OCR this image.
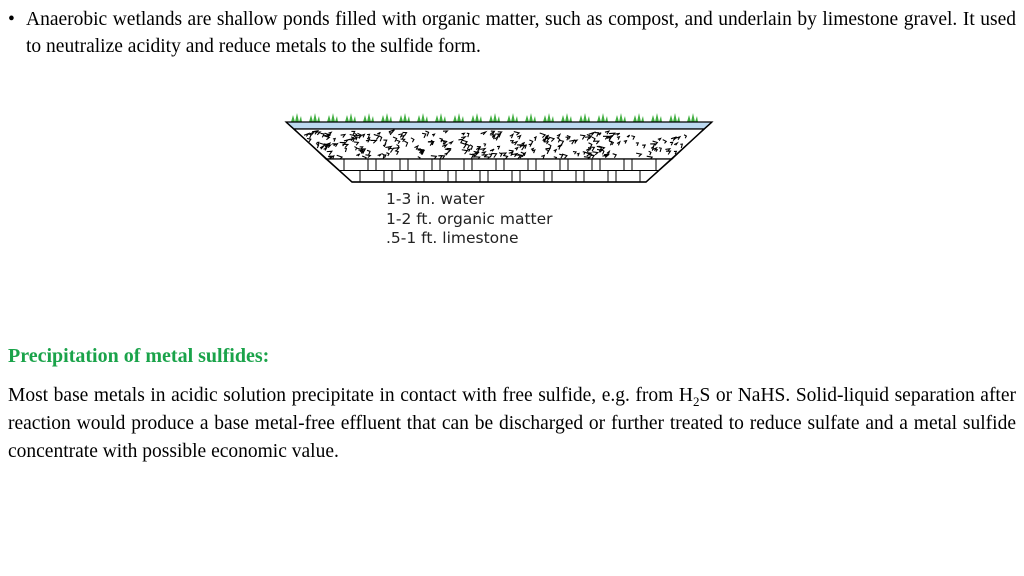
• Anaerobic wetlands are shallow ponds filled with organic matter, such as compost, and underlain by limestone gravel. It used to neutralize acidity and reduce metals to the sulfide form.
1-3 in. water
1-2 ft. organic matter
.5-1 ft. limestone
Precipitation of metal sulfides:
Most base metals in acidic solution precipitate in contact with free sulfide, e.g. from $H_2S$ or NaHS. Solid-liquid separation after reaction would produce a base metal-free effluent that can be discharged or further treated to reduce sulfate and a metal sulfide concentrate with possible economic value.
